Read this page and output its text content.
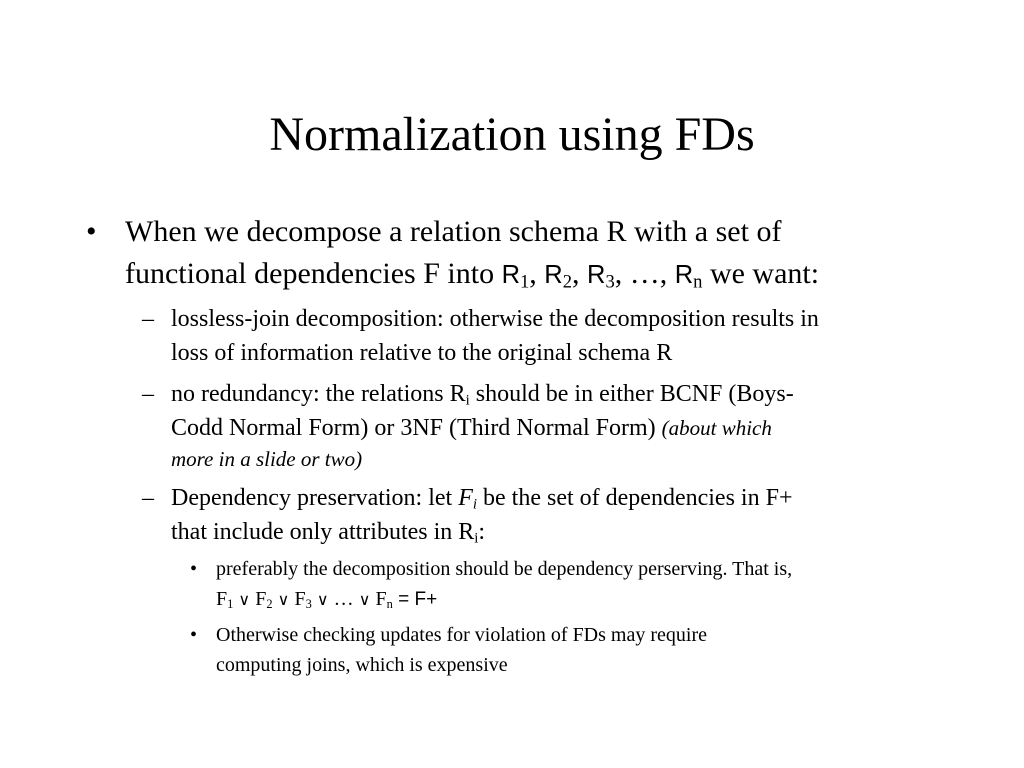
Normalization using FDs
• When we decompose a relation schema R with a set of
functional dependencies F into $R_1$, $R_2$, $R_3$, …, $R_n$ we want:
– lossless-join decomposition: otherwise the decomposition results in
loss of information relative to the original schema R
– no redundancy: the relations $R_i$ should be in either BCNF (Boys-
Codd Normal Form) or 3NF (Third Normal Form) (about which
more in a slide or two)
– Dependency preservation: let $F_i$ be the set of dependencies in F+
that include only attributes in $R_i$:
• preferably the decomposition should be dependency perserving. That is,
$F_1$ ∨ $F_2$ ∨ $F_3$ ∨ … ∨ $F_n = F+$
• Otherwise checking updates for violation of FDs may require
computing joins, which is expensive
